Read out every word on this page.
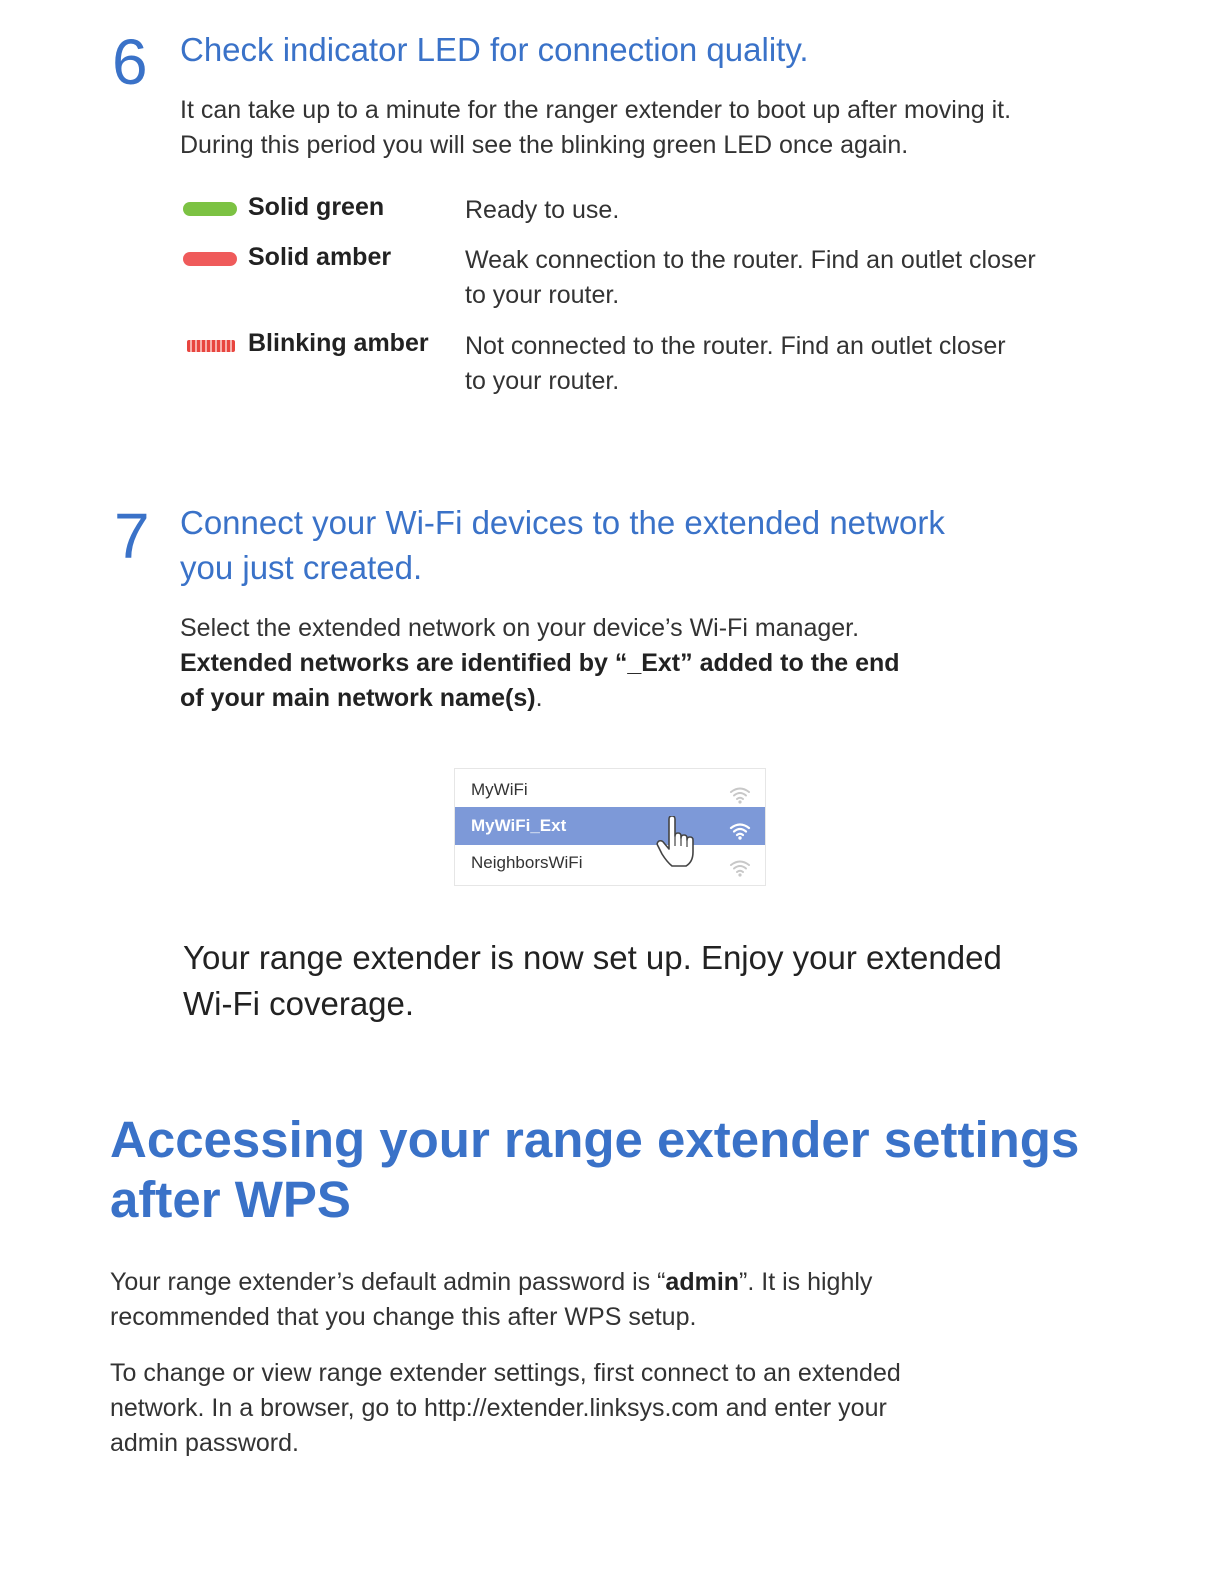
6 Check indicator LED for connection quality.
It can take up to a minute for the ranger extender to boot up after moving it.
During this period you will see the blinking green LED once again.
Solid green	Ready to use.
Solid amber	Weak connection to the router. Find an outlet closer
to your router.
Blinking amber Not connected to the router. Find an outlet closer
to your router.
7 Connect your Wi-Fi devices to the extended network
you just created.
Select the extended network on your device’s Wi-Fi manager.
Extended networks are identified by “_Ext” added to the end
of your main network name(s).
MyWiFi
MyWiFi_Ext
NeighborsWiFi
Your range extender is now set up. Enjoy your extended
Wi-Fi coverage.
Accessing your range extender settings
after WPS
Your range extender’s default admin password is “admin”. It is highly
recommended that you change this after WPS setup.
To change or view range extender settings, first connect to an extended
network. In a browser, go to http://extender.linksys.com and enter your
admin password.
